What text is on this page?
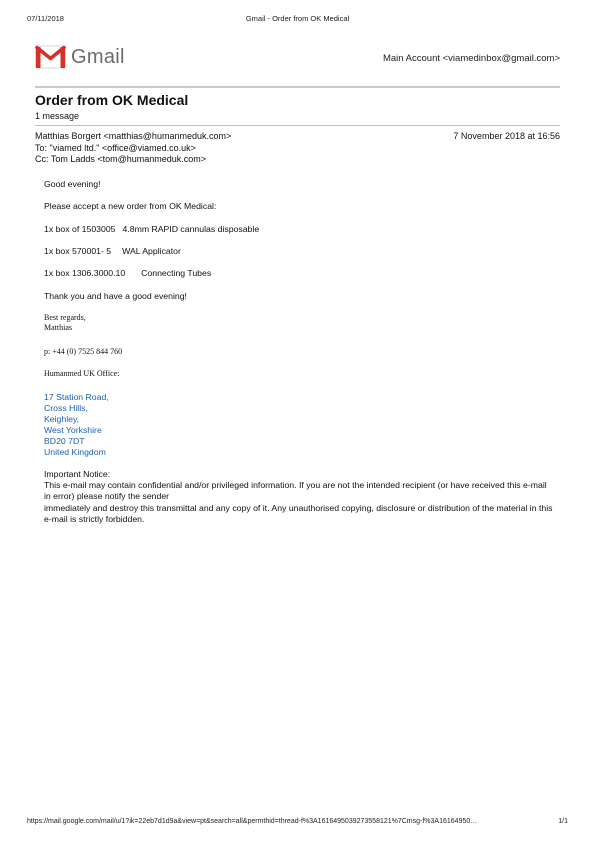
07/11/2018	Gmail - Order from OK Medical
Gmail	Main Account <viamedinbox@gmail.com>
Order from OK Medical
1 message
Matthias Borgert <matthias@humanmeduk.com>	7 November 2018 at 16:56
To: "viamed ltd." <office@viamed.co.uk>
Cc: Tom Ladds <tom@humanmeduk.com>
Good evening!
Please accept a new order from OK Medical:
1x box of 1503005 4.8mm RAPID cannulas disposable
1x box 570001- 5 WAL Applicator
1x box 1306.3000.10 Connecting Tubes
Thank you and have a good evening!
Best regards,
Matthias
p: +44 (0) 7525 844 760
Humanmed UK Office:
17 Station Road,
Cross Hills,
Keighley,
West Yorkshire
BD20 7DT
United Kingdom
Important Notice:
This e-mail may contain confidential and/or privileged information. If you are not the intended recipient (or have received this e-mail in error) please notify the sender
immediately and destroy this transmittal and any copy of it. Any unauthorised copying, disclosure or distribution of the material in this e-mail is strictly forbidden.
https://mail.google.com/mail/u/1?ik=22eb7d1d9a&view=pt&search=all&permthid=thread-f%3A1616495039273558121%7Cmsg-f%3A16164950…	1/1
